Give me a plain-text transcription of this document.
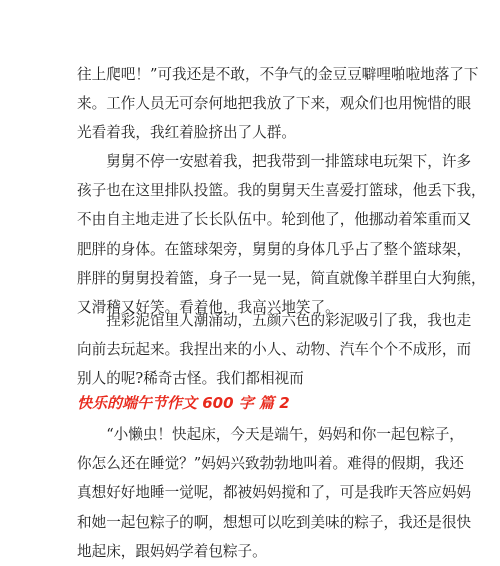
往上爬吧！”可我还是不敢，不争气的金豆豆噼哩啪啦地落了下
来。工作人员无可奈何地把我放了下来，观众们也用惋惜的眼
光看着我，我红着脸挤出了人群。
　　舅舅不停一安慰着我，把我带到一排篮球电玩架下，许多
孩子也在这里排队投篮。我的舅舅天生喜爱打篮球，他丢下我，
不由自主地走进了长长队伍中。轮到他了，他挪动着笨重而又
肥胖的身体。在篮球架旁，舅舅的身体几乎占了整个篮球架，
胖胖的舅舅投着篮，身子一晃一晃，简直就像羊群里白大狗熊，
又滑稽又好笑。看着他，我高兴地笑了。
　　捏彩泥馆里人潮涌动，五颜六色的彩泥吸引了我，我也走
向前去玩起来。我捏出来的小人、动物、汽车个个不成形，而
别人的呢?稀奇古怪。我们都相视而
快乐的端午节作文 600 字 篇 2
　　“小懒虫！快起床，今天是端午，妈妈和你一起包粽子，
你怎么还在睡觉？”妈妈兴致勃勃地叫着。难得的假期，我还
真想好好地睡一觉呢，都被妈妈搅和了，可是我昨天答应妈妈
和她一起包粽子的啊，想想可以吃到美味的粽子，我还是很快
地起床，跟妈妈学着包粽子。
